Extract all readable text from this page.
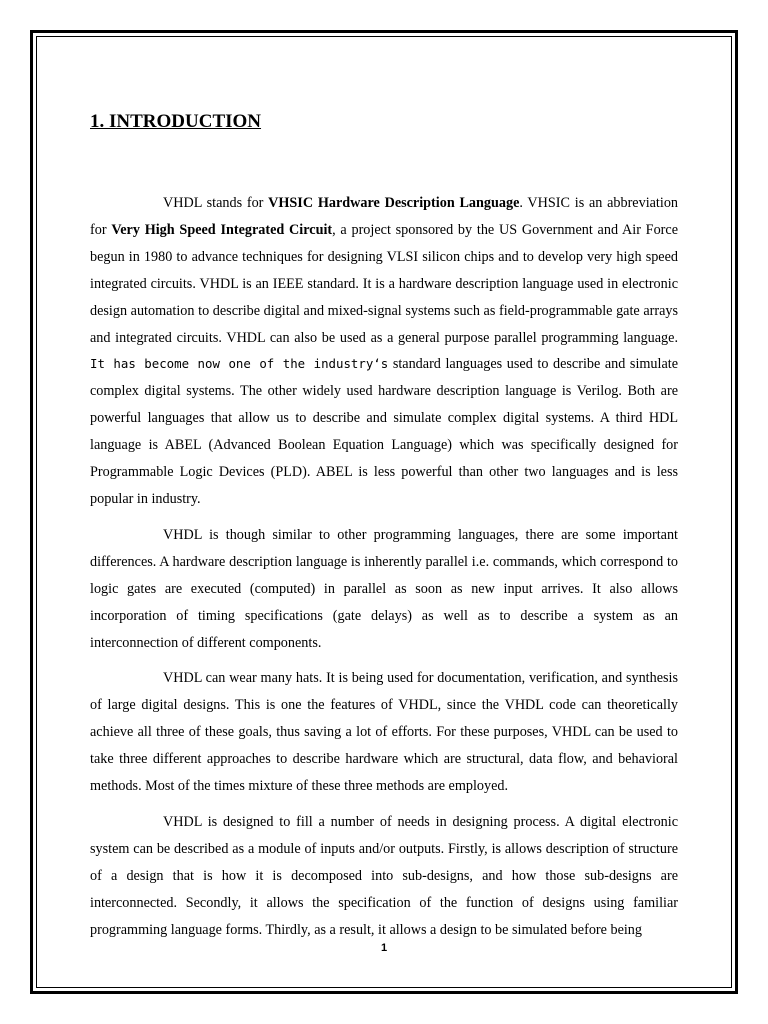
1. INTRODUCTION

VHDL stands for VHSIC Hardware Description Language. VHSIC is an abbreviation for Very High Speed Integrated Circuit, a project sponsored by the US Government and Air Force begun in 1980 to advance techniques for designing VLSI silicon chips and to develop very high speed integrated circuits. VHDL is an IEEE standard. It is a hardware description language used in electronic design automation to describe digital and mixed-signal systems such as field-programmable gate arrays and integrated circuits. VHDL can also be used as a general purpose parallel programming language. It has become now one of the industry‘s standard languages used to describe and simulate complex digital systems. The other widely used hardware description language is Verilog. Both are powerful languages that allow us to describe and simulate complex digital systems. A third HDL language is ABEL (Advanced Boolean Equation Language) which was specifically designed for Programmable Logic Devices (PLD). ABEL is less powerful than other two languages and is less popular in industry.

VHDL is though similar to other programming languages, there are some important differences. A hardware description language is inherently parallel i.e. commands, which correspond to logic gates are executed (computed) in parallel as soon as new input arrives. It also allows incorporation of timing specifications (gate delays) as well as to describe a system as an interconnection of different components.

VHDL can wear many hats. It is being used for documentation, verification, and synthesis of large digital designs. This is one the features of VHDL, since the VHDL code can theoretically achieve all three of these goals, thus saving a lot of efforts. For these purposes, VHDL can be used to take three different approaches to describe hardware which are structural, data flow, and behavioral methods. Most of the times mixture of these three methods are employed.

VHDL is designed to fill a number of needs in designing process. A digital electronic system can be described as a module of inputs and/or outputs. Firstly, is allows description of structure of a design that is how it is decomposed into sub-designs, and how those sub-designs are interconnected. Secondly, it allows the specification of the function of designs using familiar programming language forms. Thirdly, as a result, it allows a design to be simulated before being

1
